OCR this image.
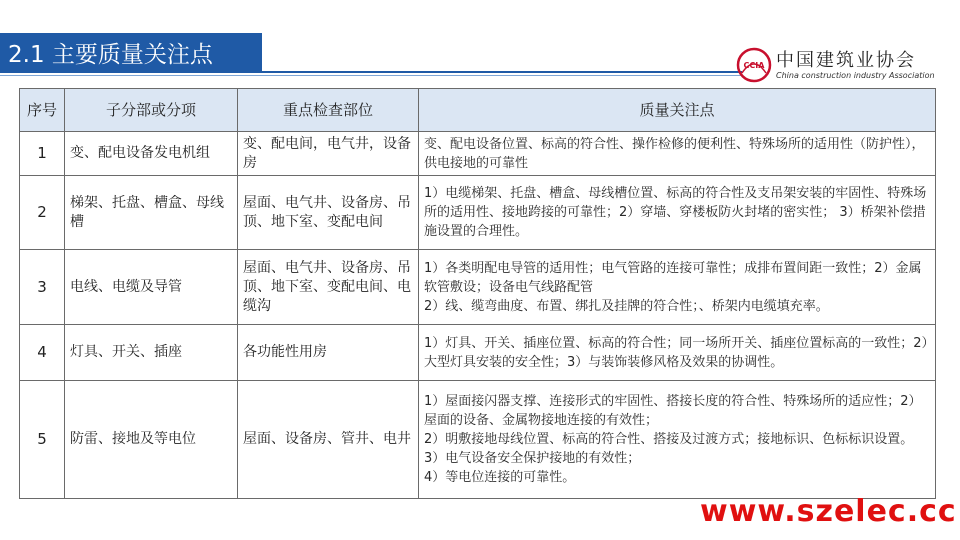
2.1 主要质量关注点	CCIA 中国建筑业协会
China construction industry Association
序号	子分部或分项	重点检查部位	质量关注点
1	变、配电设备发电机组	变、配电间，电气井，设备房	变、配电设备位置、标高的符合性、操作检修的便利性、特殊场所的适用性（防护性），供电接地的可靠性

2	梯架、托盘、槽盒、母线槽	屋面、电气井、设备房、吊顶、地下室、变配电间	1）电缆梯架、托盘、槽盒、母线槽位置、标高的符合性及支吊架安装的牢固性、特殊场所的适用性、接地跨接的可靠性；2）穿墙、穿楼板防火封堵的密实性； 3）桥架补偿措施设置的合理性。

3	电线、电缆及导管	屋面、电气井、设备房、吊顶、地下室、变配电间、电缆沟	1）各类明配电导管的适用性；电气管路的连接可靠性；成排布置间距一致性；2）金属软管敷设；设备电气线路配管
2）线、缆弯曲度、布置、绑扎及挂牌的符合性；、桥架内电缆填充率。

4	灯具、开关、插座	各功能性用房	1）灯具、开关、插座位置、标高的符合性；同一场所开关、插座位置标高的一致性；2）大型灯具安装的安全性；3）与装饰装修风格及效果的协调性。

5	防雷、接地及等电位	屋面、设备房、管井、电井	1）屋面接闪器支撑、连接形式的牢固性、搭接长度的符合性、特殊场所的适应性；2）屋面的设备、金属物接地连接的有效性；
2）明敷接地母线位置、标高的符合性、搭接及过渡方式；接地标识、色标标识设置。
3）电气设备安全保护接地的有效性；
4）等电位连接的可靠性。
www.szelec.cc
